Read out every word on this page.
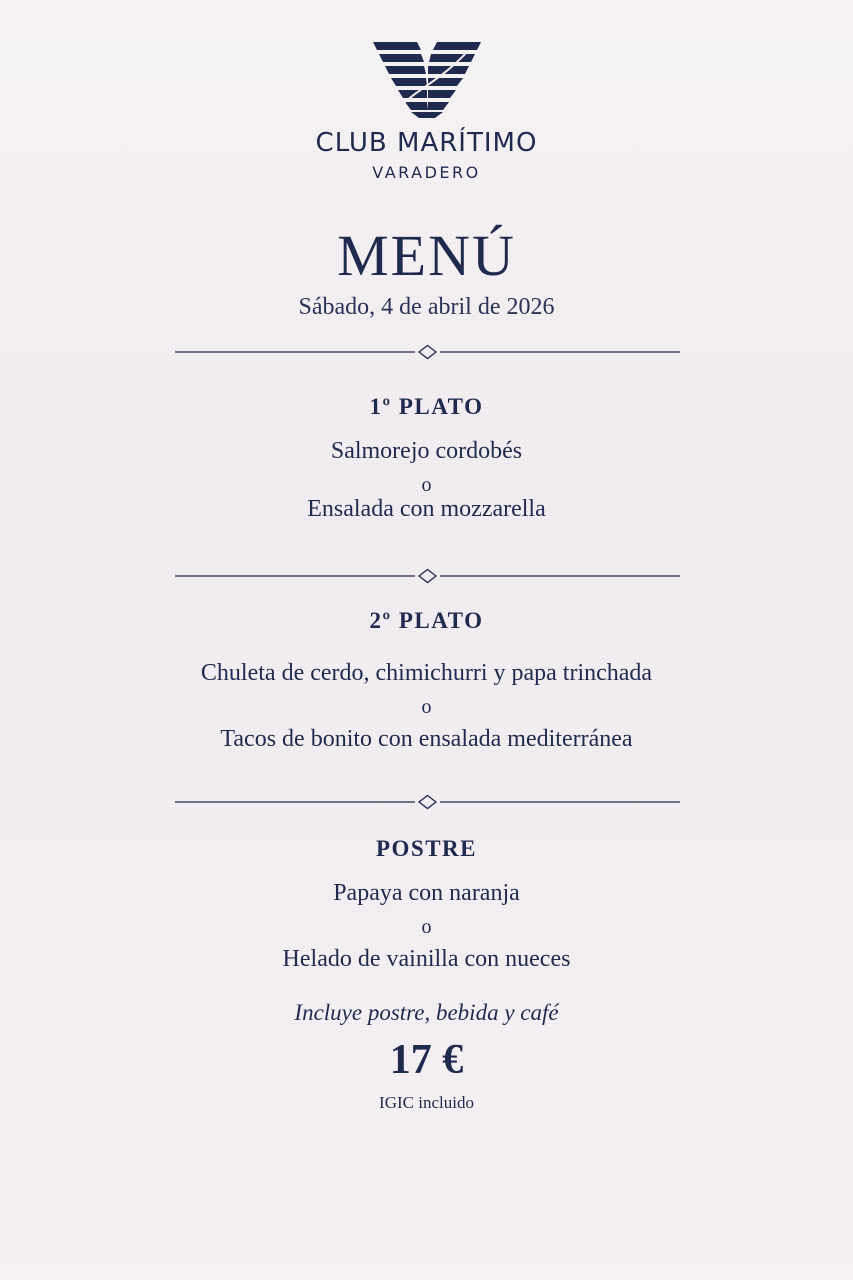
CLUB MARÍTIMO
VARADERO
MENÚ
Sábado, 4 de abril de 2026
1º PLATO
Salmorejo cordobés
o
Ensalada con mozzarella
2º PLATO
Chuleta de cerdo, chimichurri y papa trinchada
o
Tacos de bonito con ensalada mediterránea
POSTRE
Papaya con naranja
o
Helado de vainilla con nueces
Incluye postre, bebida y café
17 €
IGIC incluido
